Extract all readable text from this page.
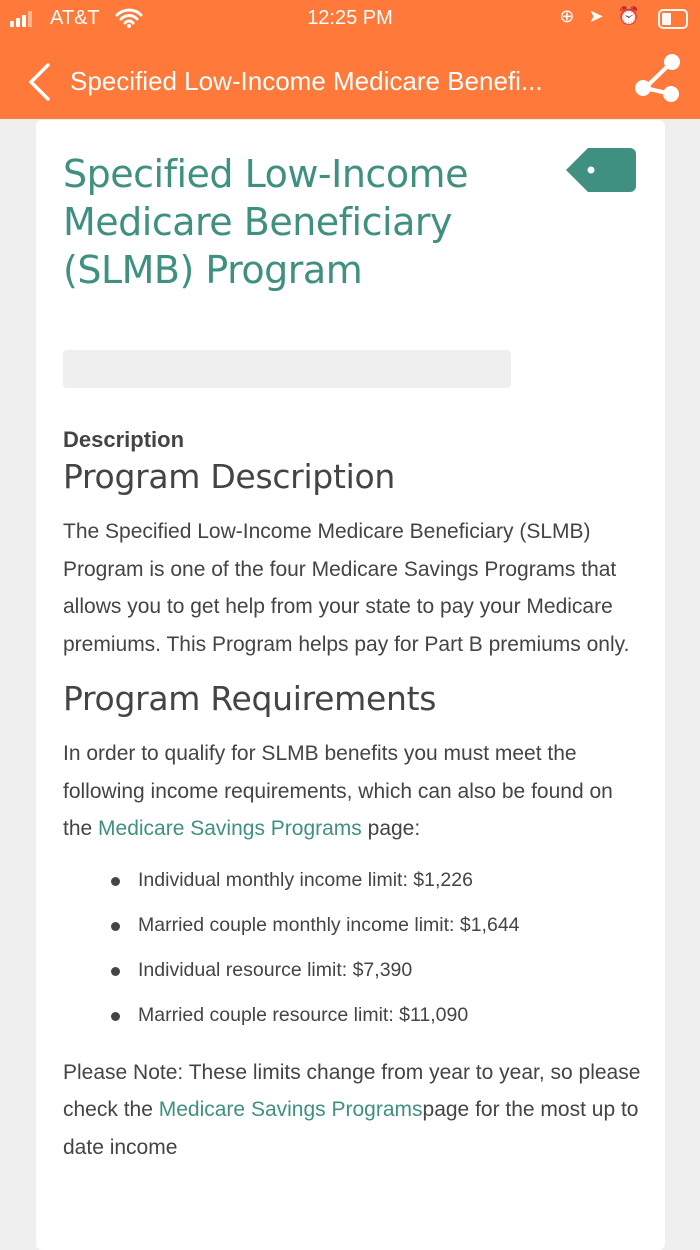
AT&T	12:25 PM	⊕ ➤ ⏰
Specified Low-Income Medicare Benefi...
Specified Low-Income Medicare Beneficiary (SLMB) Program
Description
Program Description

The Specified Low-Income Medicare Beneficiary (SLMB) Program is one of the four Medicare Savings Programs that allows you to get help from your state to pay your Medicare premiums. This Program helps pay for Part B premiums only.

Program Requirements

In order to qualify for SLMB benefits you must meet the following income requirements, which can also be found on the Medicare Savings Programs page:

Individual monthly income limit: $1,226
Married couple monthly income limit: $1,644
Individual resource limit: $7,390
Married couple resource limit: $11,090

Please Note: These limits change from year to year, so please check the Medicare Savings Programspage for the most up to date income
